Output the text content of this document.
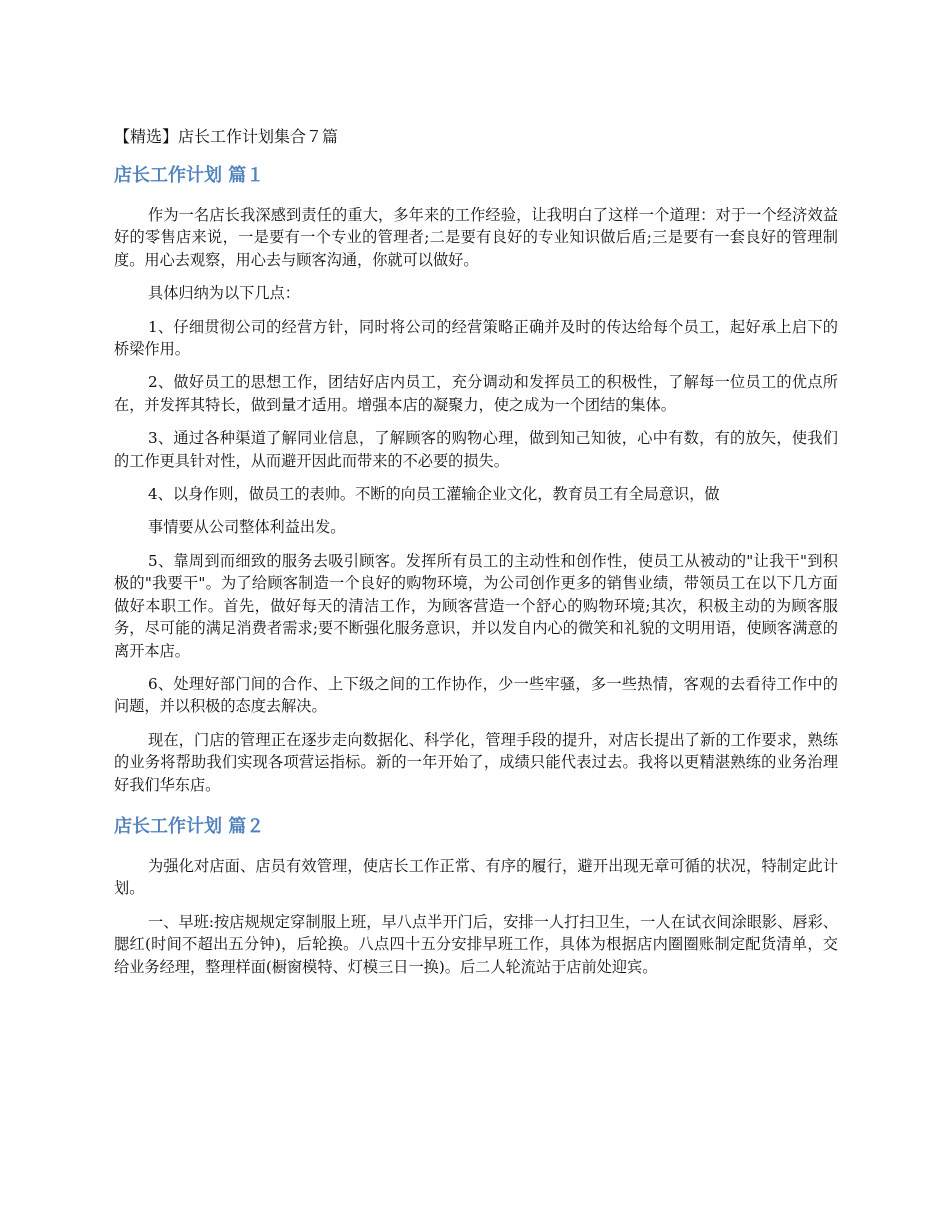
【精选】店长工作计划集合７篇
店长工作计划 篇１

作为一名店长我深感到责任的重大，多年来的工作经验，让我明白了这样一个道理：对于一个经济效益好的零售店来说，一是要有一个专业的管理者;二是要有良好的专业知识做后盾;三是要有一套良好的管理制度。用心去观察，用心去与顾客沟通，你就可以做好。

具体归纳为以下几点：

1、仔细贯彻公司的经营方针，同时将公司的经营策略正确并及时的传达给每个员工，起好承上启下的桥梁作用。

2、做好员工的思想工作，团结好店内员工，充分调动和发挥员工的积极性，了解每一位员工的优点所在，并发挥其特长，做到量才适用。增强本店的凝聚力，使之成为一个团结的集体。

3、通过各种渠道了解同业信息，了解顾客的购物心理，做到知己知彼，心中有数，有的放矢，使我们的工作更具针对性，从而避开因此而带来的不必要的损失。

4、以身作则，做员工的表帅。不断的向员工灌输企业文化，教育员工有全局意识，做

事情要从公司整体利益出发。

5、靠周到而细致的服务去吸引顾客。发挥所有员工的主动性和创作性，使员工从被动的"让我干"到积极的"我要干"。为了给顾客制造一个良好的购物环境，为公司创作更多的销售业绩，带领员工在以下几方面做好本职工作。首先，做好每天的清洁工作，为顾客营造一个舒心的购物环境;其次，积极主动的为顾客服务，尽可能的满足消费者需求;要不断强化服务意识，并以发自内心的微笑和礼貌的文明用语，使顾客满意的离开本店。

6、处理好部门间的合作、上下级之间的工作协作，少一些牢骚，多一些热情，客观的去看待工作中的问题，并以积极的态度去解决。

现在，门店的管理正在逐步走向数据化、科学化，管理手段的提升，对店长提出了新的工作要求，熟练的业务将帮助我们实现各项营运指标。新的一年开始了，成绩只能代表过去。我将以更精湛熟练的业务治理好我们华东店。

店长工作计划 篇２

为强化对店面、店员有效管理，使店长工作正常、有序的履行，避开出现无章可循的状况，特制定此计划。

一、早班:按店规规定穿制服上班，早八点半开门后，安排一人打扫卫生，一人在试衣间涂眼影、唇彩、腮红(时间不超出五分钟)，后轮换。八点四十五分安排早班工作，具体为根据店内圈圈账制定配货清单，交给业务经理，整理样面(橱窗模特、灯模三日一换)。后二人轮流站于店前处迎宾。
